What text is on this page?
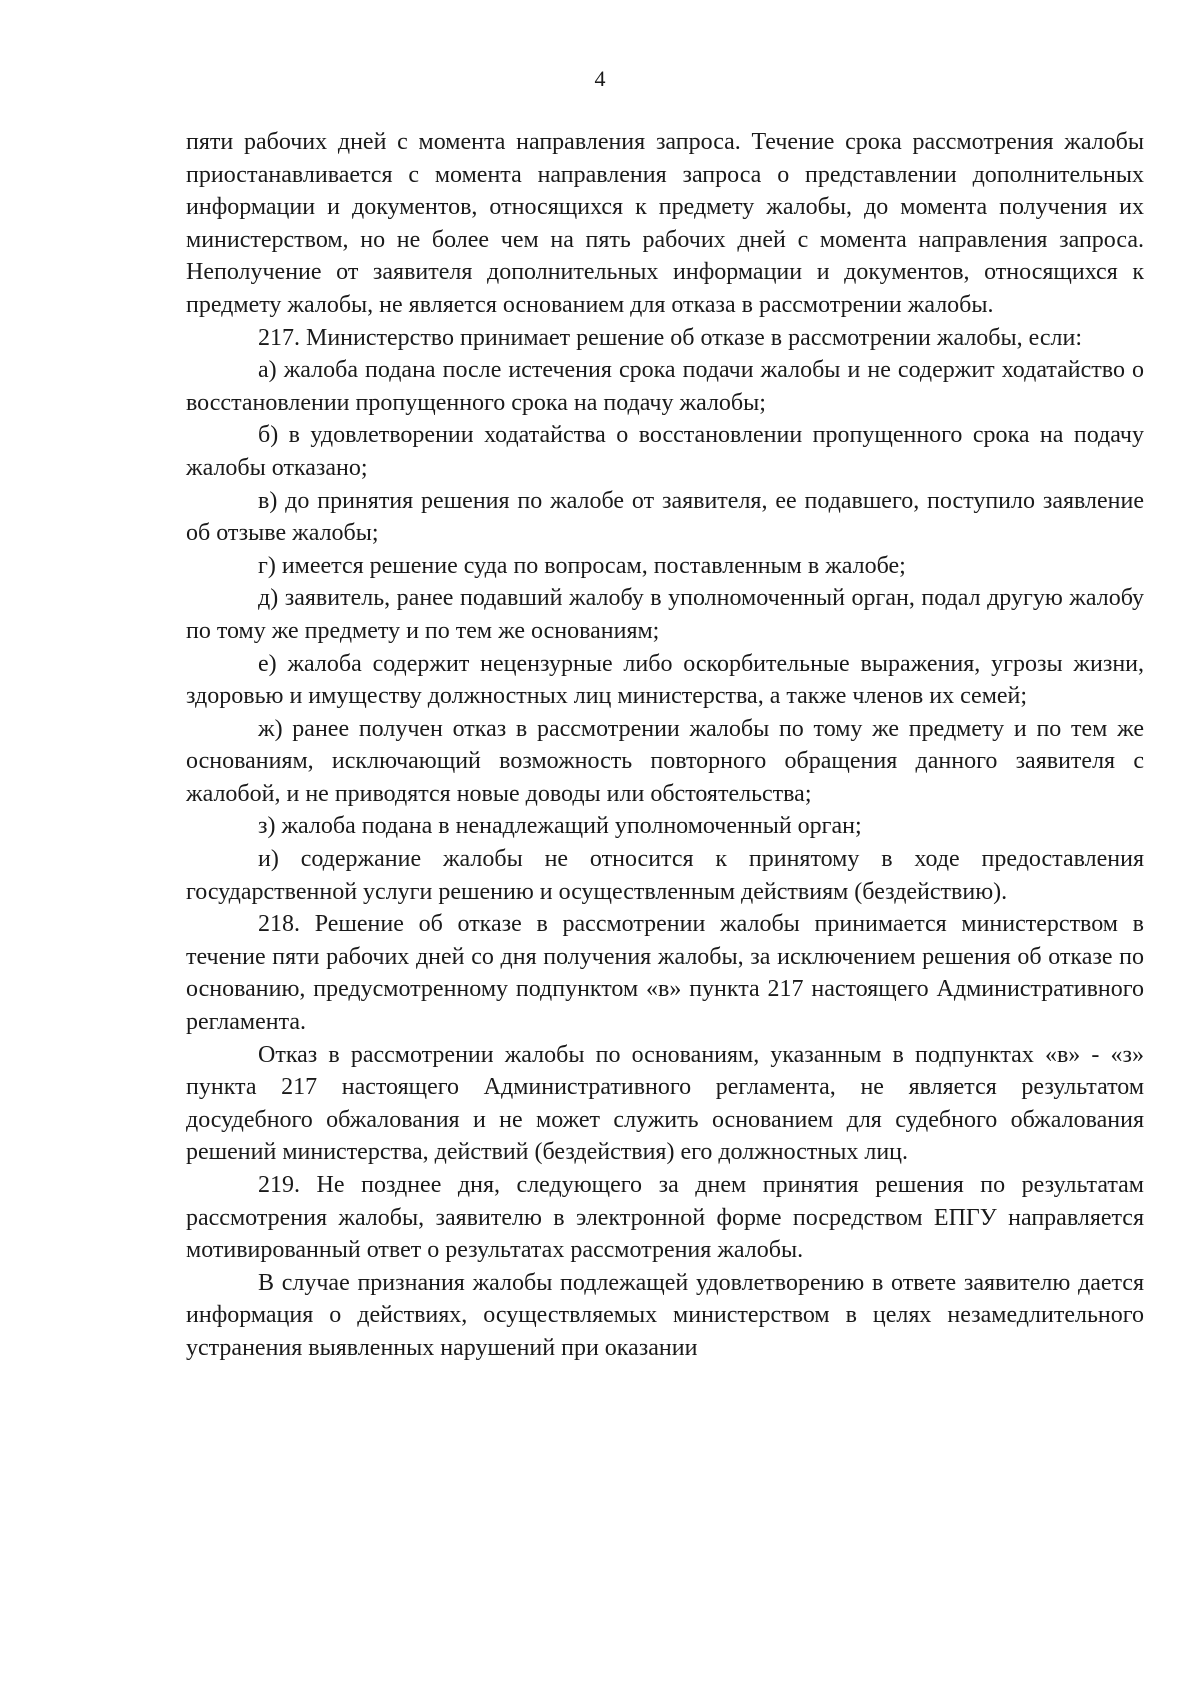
4

пяти рабочих дней с момента направления запроса. Течение срока рассмотрения жалобы приостанавливается с момента направления запроса о представлении дополнительных информации и документов, относящихся к предмету жалобы, до момента получения их министерством, но не более чем на пять рабочих дней с момента направления запроса. Неполучение от заявителя дополнительных информации и документов, относящихся к предмету жалобы, не является основанием для отказа в рассмотрении жалобы.

217. Министерство принимает решение об отказе в рассмотрении жалобы, если:

а) жалоба подана после истечения срока подачи жалобы и не содержит ходатайство о восстановлении пропущенного срока на подачу жалобы;

б) в удовлетворении ходатайства о восстановлении пропущенного срока на подачу жалобы отказано;

в) до принятия решения по жалобе от заявителя, ее подавшего, поступило заявление об отзыве жалобы;

г) имеется решение суда по вопросам, поставленным в жалобе;

д) заявитель, ранее подавший жалобу в уполномоченный орган, подал другую жалобу по тому же предмету и по тем же основаниям;

е) жалоба содержит нецензурные либо оскорбительные выражения, угрозы жизни, здоровью и имуществу должностных лиц министерства, а также членов их семей;

ж) ранее получен отказ в рассмотрении жалобы по тому же предмету и по тем же основаниям, исключающий возможность повторного обращения данного заявителя с жалобой, и не приводятся новые доводы или обстоятельства;

з) жалоба подана в ненадлежащий уполномоченный орган;

и) содержание жалобы не относится к принятому в ходе предоставления государственной услуги решению и осуществленным действиям (бездействию).

218. Решение об отказе в рассмотрении жалобы принимается министерством в течение пяти рабочих дней со дня получения жалобы, за исключением решения об отказе по основанию, предусмотренному подпунктом «в» пункта 217 настоящего Административного регламента.

Отказ в рассмотрении жалобы по основаниям, указанным в подпунктах «в» - «з» пункта 217 настоящего Административного регламента, не является результатом досудебного обжалования и не может служить основанием для судебного обжалования решений министерства, действий (бездействия) его должностных лиц.

219. Не позднее дня, следующего за днем принятия решения по результатам рассмотрения жалобы, заявителю в электронной форме посредством ЕПГУ направляется мотивированный ответ о результатах рассмотрения жалобы.

В случае признания жалобы подлежащей удовлетворению в ответе заявителю дается информация о действиях, осуществляемых министерством в целях незамедлительного устранения выявленных нарушений при оказании
